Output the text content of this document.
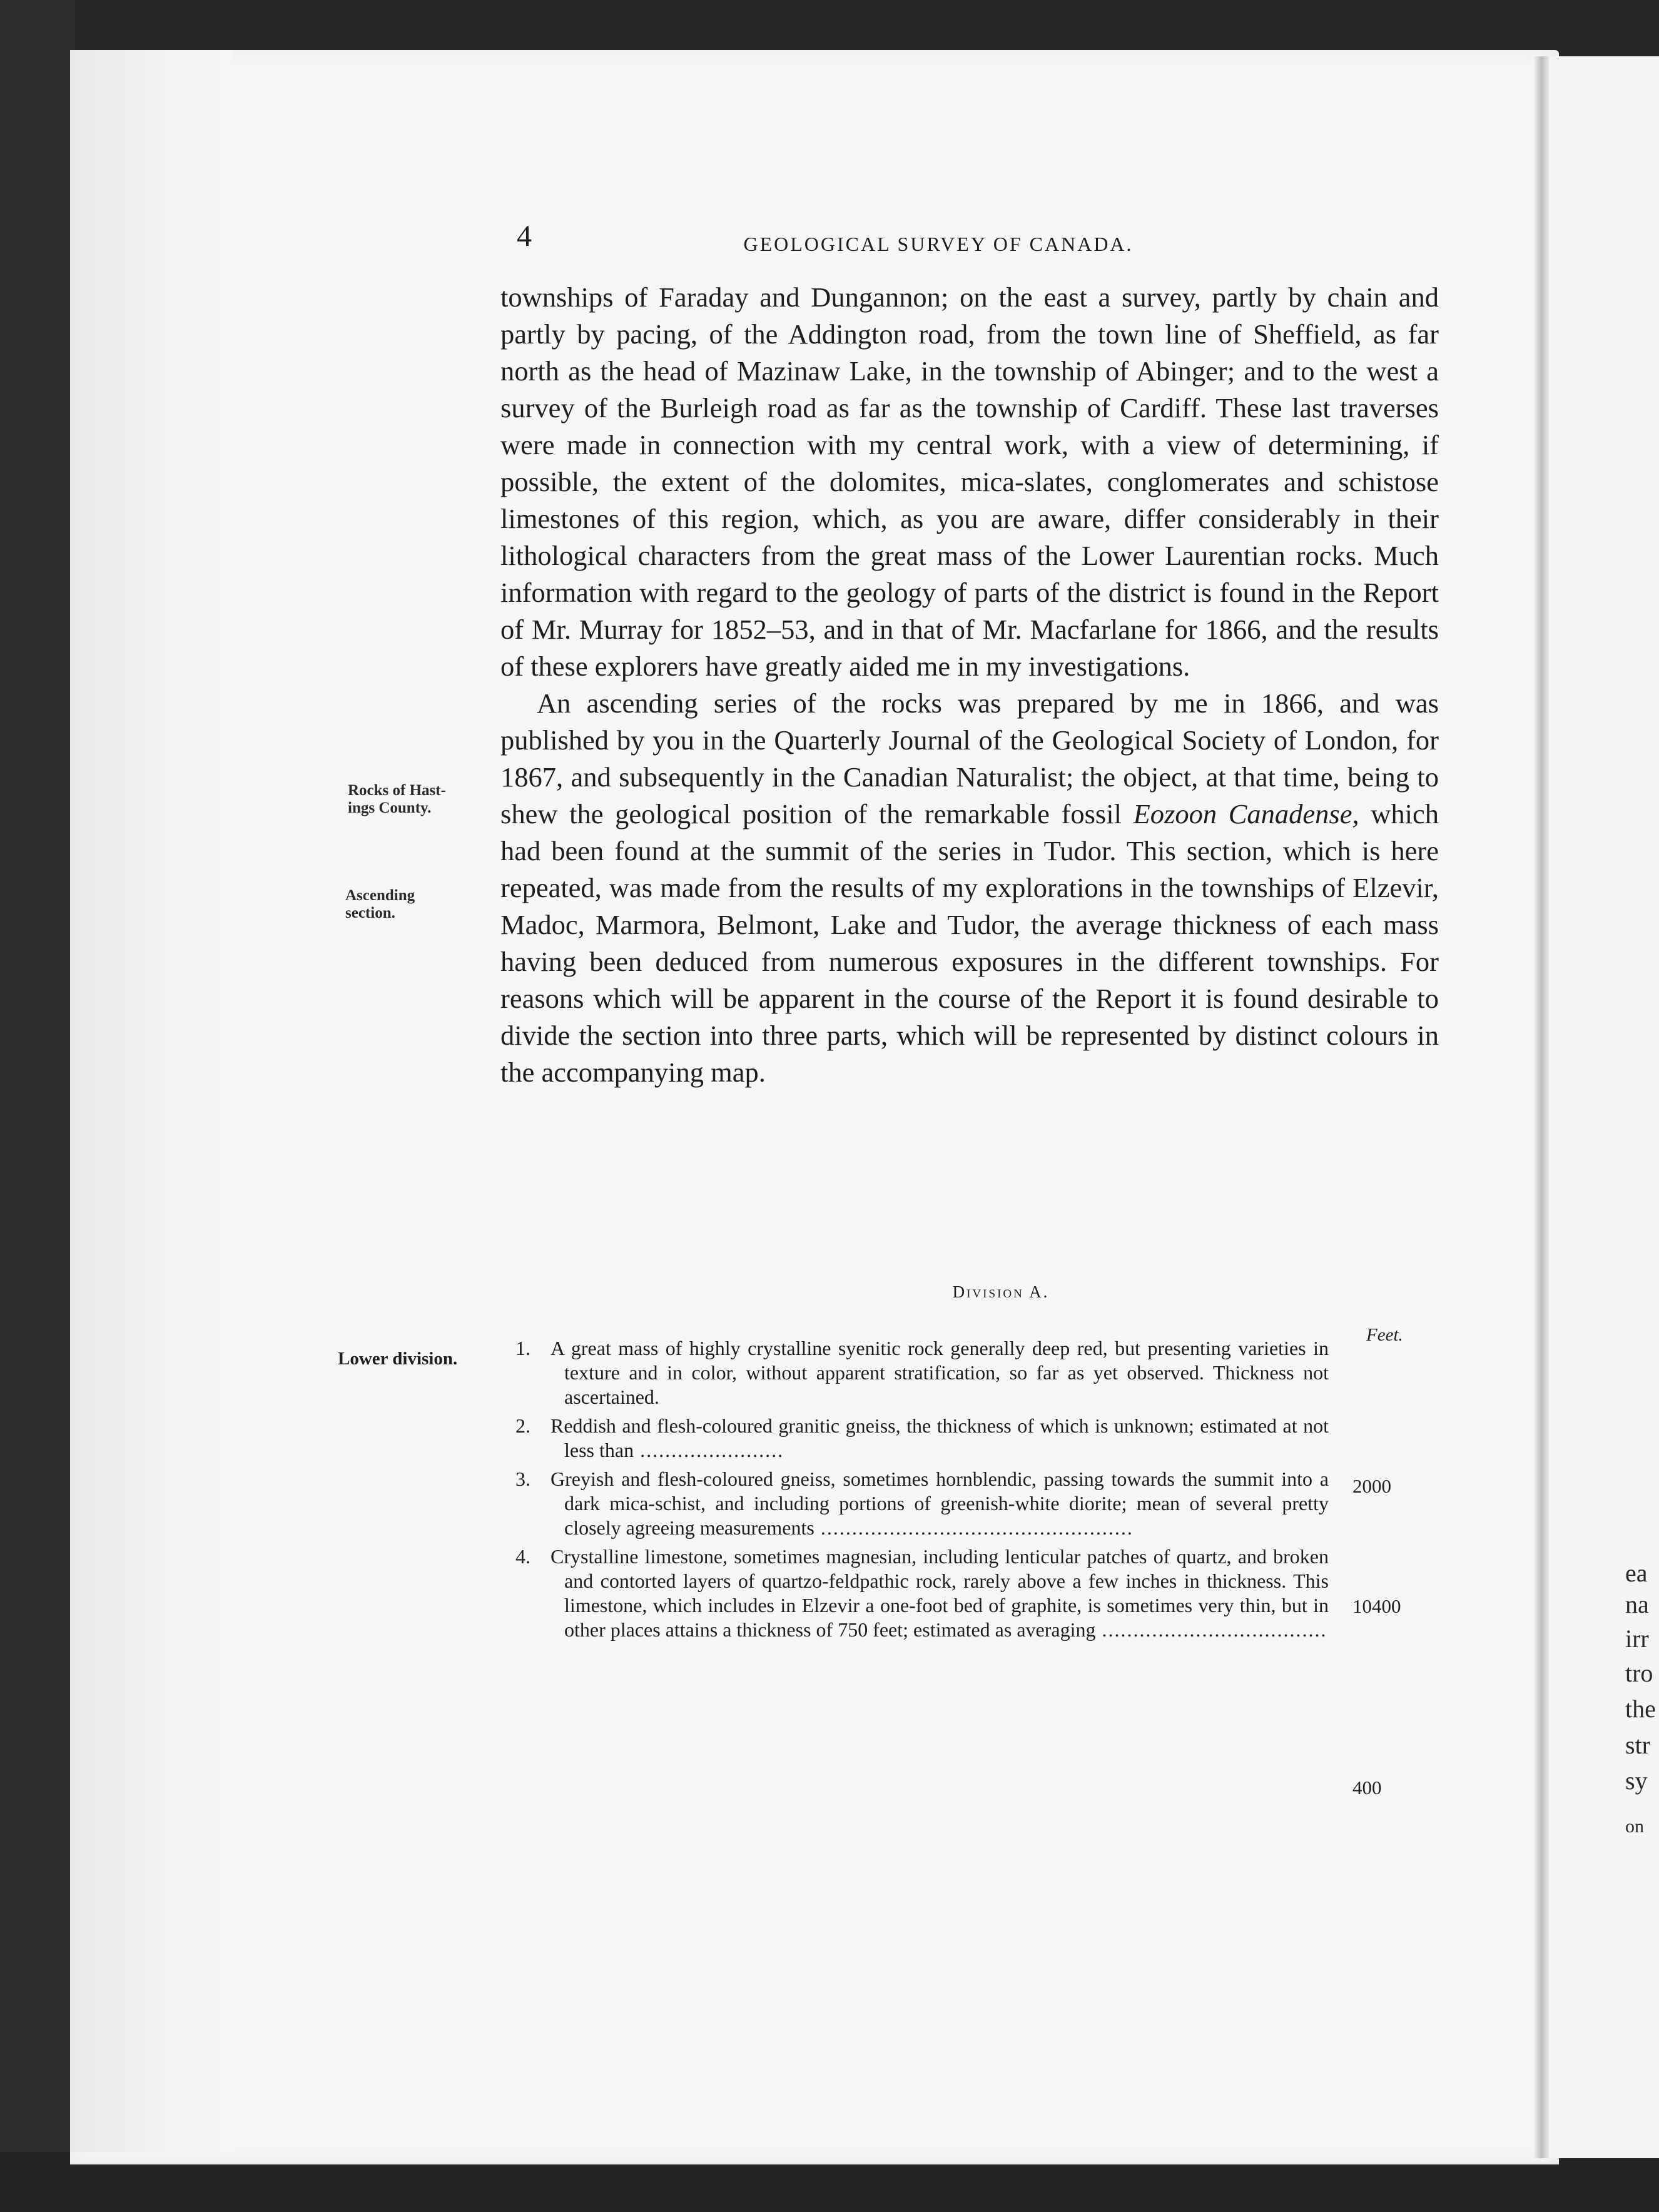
ea
na
irr
tro
the
str
sy
on
4	GEOLOGICAL SURVEY OF CANADA.

townships of Faraday and Dungannon; on the east a survey, partly by chain and partly by pacing, of the Addington road, from the town line of Sheffield, as far north as the head of Mazinaw Lake, in the township of Abinger; and to the west a survey of the Burleigh road as far as the township of Cardiff. These last traverses were made in connection with my central work, with a view of determining, if possible, the extent of the dolomites, mica-slates, conglomerates and schistose limestones of this region, which, as you are aware, differ considerably in their lithological characters from the great mass of the Lower Laurentian rocks. Much information with regard to the geology of parts of the district is found in the Report of Mr. Murray for 1852–53, and in that of Mr. Macfarlane for 1866, and the results of these explorers have greatly aided me in my investigations.

An ascending series of the rocks was prepared by me in 1866, and was published by you in the Quarterly Journal of the Geological Society of London, for 1867, and subsequently in the Canadian Naturalist; the object, at that time, being to shew the geological position of the remarkable fossil Eozoon Canadense, which had been found at the summit of the series in Tudor. This section, which is here repeated, was made from the results of my explorations in the townships of Elzevir, Madoc, Marmora, Belmont, Lake and Tudor, the average thickness of each mass having been deduced from numerous exposures in the different townships. For reasons which will be apparent in the course of the Report it is found desirable to divide the section into three parts, which will be represented by distinct colours in the accompanying map.

Rocks of Hast-
ings County.
Ascending
section.
Division A.
Feet.
Lower division.	1. A great mass of highly crystalline syenitic rock generally deep red, but presenting varieties in texture and in color, without apparent stratification, so far as yet observed. Thickness not ascertained.
2. Reddish and flesh-coloured granitic gneiss, the thickness of which is unknown; estimated at not less than .......................
3. Greyish and flesh-coloured gneiss, sometimes hornblendic, passing towards the summit into a dark mica-schist, and including portions of greenish-white diorite; mean of several pretty closely agreeing measurements ..................................................
4. Crystalline limestone, sometimes magnesian, including lenticular patches of quartz, and broken and contorted layers of quartzo-feldpathic rock, rarely above a few inches in thickness. This limestone, which includes in Elzevir a one-foot bed of graphite, is sometimes very thin, but in other places attains a thickness of 750 feet; estimated as averaging ....................................
2000
10400
400
